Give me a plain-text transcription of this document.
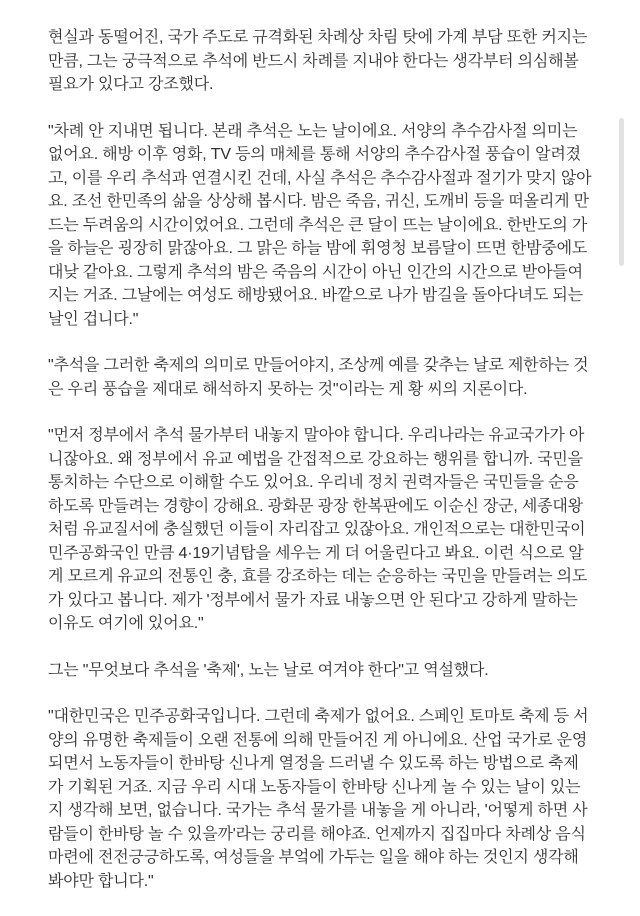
현실과 동떨어진, 국가 주도로 규격화된 차례상 차림 탓에 가계 부담 또한 커지는 만큼, 그는 궁극적으로 추석에 반드시 차례를 지내야 한다는 생각부터 의심해볼 필요가 있다고 강조했다.

"차례 안 지내면 됩니다. 본래 추석은 노는 날이에요. 서양의 추수감사절 의미는 없어요. 해방 이후 영화, TV 등의 매체를 통해 서양의 추수감사절 풍습이 알려졌고, 이를 우리 추석과 연결시킨 건데, 사실 추석은 추수감사절과 절기가 맞지 않아요. 조선 한민족의 삶을 상상해 봅시다. 밤은 죽음, 귀신, 도깨비 등을 떠올리게 만드는 두려움의 시간이었어요. 그런데 추석은 큰 달이 뜨는 날이에요. 한반도의 가을 하늘은 굉장히 맑잖아요. 그 맑은 하늘 밤에 휘영청 보름달이 뜨면 한밤중에도 대낮 같아요. 그렇게 추석의 밤은 죽음의 시간이 아닌 인간의 시간으로 받아들여지는 거죠. 그날에는 여성도 해방됐어요. 바깥으로 나가 밤길을 돌아다녀도 되는 날인 겁니다."

"추석을 그러한 축제의 의미로 만들어야지, 조상께 예를 갖추는 날로 제한하는 것은 우리 풍습을 제대로 해석하지 못하는 것"이라는 게 황 씨의 지론이다.

"먼저 정부에서 추석 물가부터 내놓지 말아야 합니다. 우리나라는 유교국가가 아니잖아요. 왜 정부에서 유교 예법을 간접적으로 강요하는 행위를 합니까. 국민을 통치하는 수단으로 이해할 수도 있어요. 우리네 정치 권력자들은 국민들을 순응하도록 만들려는 경향이 강해요. 광화문 광장 한복판에도 이순신 장군, 세종대왕처럼 유교질서에 충실했던 이들이 자리잡고 있잖아요. 개인적으로는 대한민국이 민주공화국인 만큼 4·19기념탑을 세우는 게 더 어울린다고 봐요. 이런 식으로 알게 모르게 유교의 전통인 충, 효를 강조하는 데는 순응하는 국민을 만들려는 의도가 있다고 봅니다. 제가 '정부에서 물가 자료 내놓으면 안 된다'고 강하게 말하는 이유도 여기에 있어요."

그는 "무엇보다 추석을 '축제', 노는 날로 여겨야 한다"고 역설했다.

"대한민국은 민주공화국입니다. 그런데 축제가 없어요. 스페인 토마토 축제 등 서양의 유명한 축제들이 오랜 전통에 의해 만들어진 게 아니에요. 산업 국가로 운영되면서 노동자들이 한바탕 신나게 열정을 드러낼 수 있도록 하는 방법으로 축제가 기획된 거죠. 지금 우리 시대 노동자들이 한바탕 신나게 놀 수 있는 날이 있는지 생각해 보면, 없습니다. 국가는 추석 물가를 내놓을 게 아니라, '어떻게 하면 사람들이 한바탕 놀 수 있을까'라는 궁리를 해야죠. 언제까지 집집마다 차례상 음식 마련에 전전긍긍하도록, 여성들을 부엌에 가두는 일을 해야 하는 것인지 생각해 봐야만 합니다."
